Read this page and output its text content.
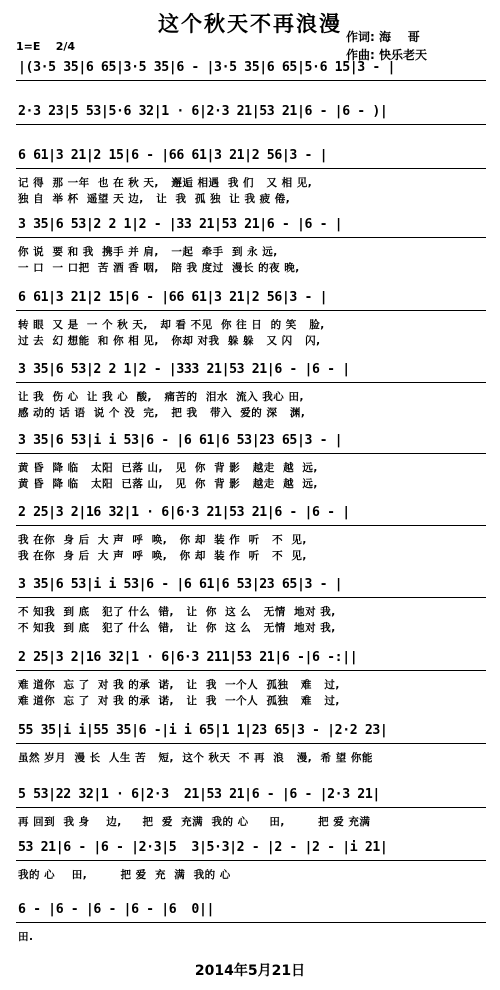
这个秋天不再浪漫
作词: 海    哥
作曲: 快乐老天
1=E    2/4
|(3·5 35|6 65|3·5 35|6 - |3·5 35|6 65|5·6 15|3 - |
2·3 23|5 53|5·6 32|1 · 6|2·3 21|53 21|6 - |6 - )|
6 61|3 21|2 15|6 - |66 61|3 21|2 56|3 - |
记 得  那 一年  也 在 秋 天,   邂逅 相遇  我 们   又 相 见,
独 自  举 杯  遥望 天 边,   让  我  孤 独  让 我 疲 倦,
3 35|6 53|2 2 1|2 - |33 21|53 21|6 - |6 - |
你 说  要 和 我  携手 并 肩,   一起  牵手  到 永 远,
一 口  一 口把  苦 酒 香 咽,   陪 我 度过  漫长 的夜 晚,
6 61|3 21|2 15|6 - |66 61|3 21|2 56|3 - |
转 眼  又 是  一 个 秋 天,   却 看 不见  你 往 日  的 笑   脸,
过 去  幻 想能  和 你 相 见,   你却 对我  躲 躲   又 闪   闪,
3 35|6 53|2 2 1|2 - |333 21|53 21|6 - |6 - |
让 我  伤 心  让 我 心  酸,   痛苦的  泪水  流入 我心 田,
感 动的 话 语  说 个 没  完,   把 我   带入  爱的 深   渊,
3 35|6 53|i i 53|6 - |6 61|6 53|23 65|3 - |
黄 昏  降 临   太阳  已落 山,   见  你  背 影   越走  越  远,
黄 昏  降 临   太阳  已落 山,   见  你  背 影   越走  越  远,
2 25|3 2|16 32|1 · 6|6·3 21|53 21|6 - |6 - |
我 在你  身 后  大 声  呼  唤,   你 却  装 作  听   不  见,
我 在你  身 后  大 声  呼  唤,   你 却  装 作  听   不  见,
3 35|6 53|i i 53|6 - |6 61|6 53|23 65|3 - |
不 知我  到 底   犯了 什么  错,   让  你  这 么   无情  地对 我,
不 知我  到 底   犯了 什么  错,   让  你  这 么   无情  地对 我,
2 25|3 2|16 32|1 · 6|6·3 211|53 21|6 -|6 -:||
难 道你  忘 了  对 我 的承  诺,   让  我  一个人  孤独   难   过,
难 道你  忘 了  对 我 的承  诺,   让  我  一个人  孤独   难   过,
55 35|i i|55 35|6 -|i i 65|1 1|23 65|3 - |2·2 23|
虽然 岁月  漫 长  人生 苦   短,  这个 秋天  不 再  浪   漫,  希 望 你能
5 53|22 32|1 · 6|2·3  21|53 21|6 - |6 - |2·3 21|
再 回到  我 身    边,     把  爱  充满  我的 心     田,        把 爱 充满
53 21|6 - |6 - |2·3|5  3|5·3|2 - |2 - |2 - |i 21|
我的 心    田,        把 爱  充  满  我的 心
6 - |6 - |6 - |6 - |6  0||
田.
2014年5月21日
